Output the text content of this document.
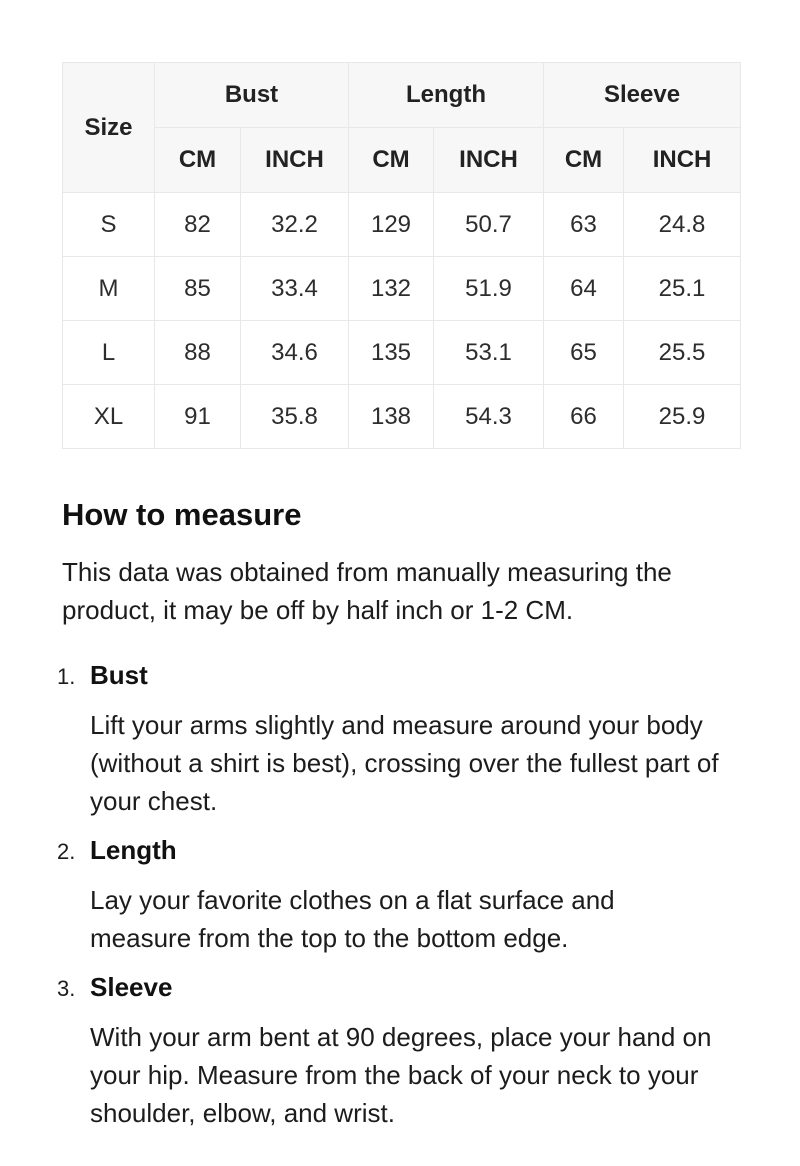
Size	Bust		Length		Sleeve	
	CM	INCH	CM	INCH	CM	INCH
S	82	32.2	129	50.7	63	24.8
M	85	33.4	132	51.9	64	25.1
L	88	34.6	135	53.1	65	25.5
XL	91	35.8	138	54.3	66	25.9
How to measure

This data was obtained from manually measuring the product, it may be off by half inch or 1-2 CM.

1. Bust

Lift your arms slightly and measure around your body (without a shirt is best), crossing over the fullest part of your chest.

2. Length

Lay your favorite clothes on a flat surface and measure from the top to the bottom edge.

3. Sleeve

With your arm bent at 90 degrees, place your hand on your hip. Measure from the back of your neck to your shoulder, elbow, and wrist.
